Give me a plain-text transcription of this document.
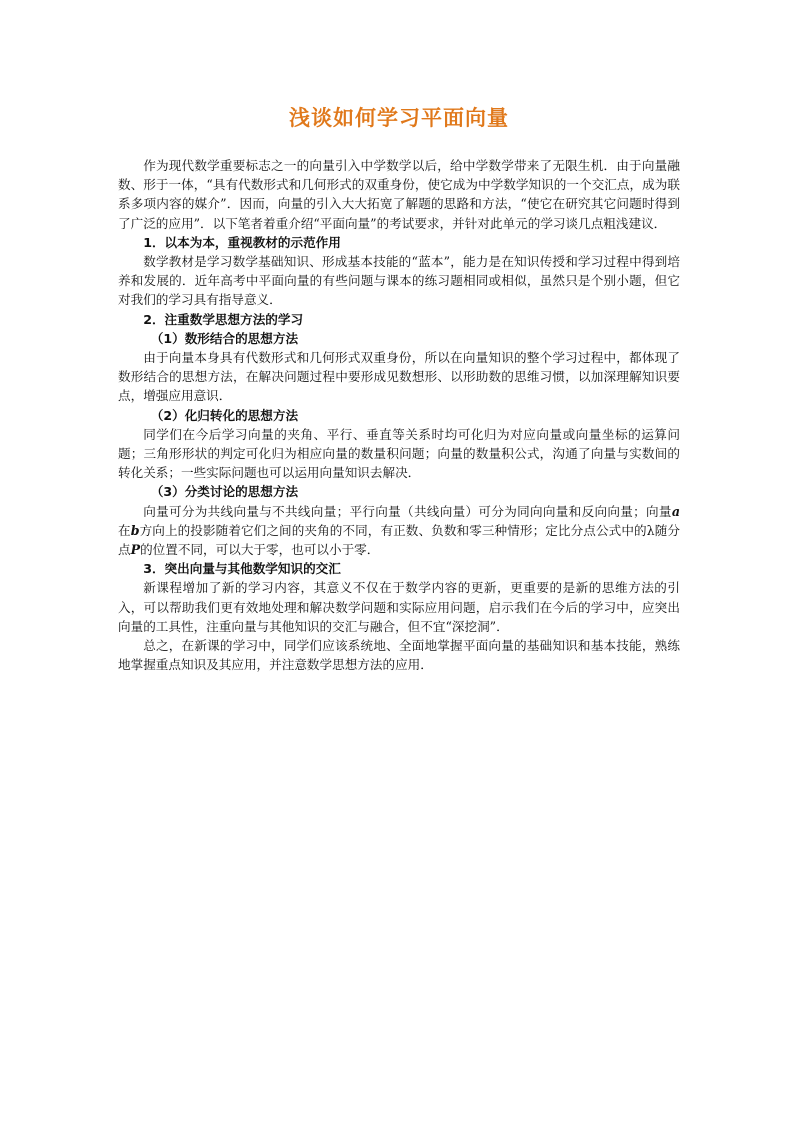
浅谈如何学习平面向量

作为现代数学重要标志之一的向量引入中学数学以后，给中学数学带来了无限生机．由于向量融数、形于一体，“具有代数形式和几何形式的双重身份，使它成为中学数学知识的一个交汇点，成为联系多项内容的媒介”．因而，向量的引入大大拓宽了解题的思路和方法，“使它在研究其它问题时得到了广泛的应用”．以下笔者着重介绍“平面向量”的考试要求，并针对此单元的学习谈几点粗浅建议．

1．以本为本，重视教材的示范作用

数学教材是学习数学基础知识、形成基本技能的“蓝本”，能力是在知识传授和学习过程中得到培养和发展的．近年高考中平面向量的有些问题与课本的练习题相同或相似，虽然只是个别小题，但它对我们的学习具有指导意义．

2．注重数学思想方法的学习

（1）数形结合的思想方法

由于向量本身具有代数形式和几何形式双重身份，所以在向量知识的整个学习过程中，都体现了数形结合的思想方法，在解决问题过程中要形成见数想形、以形助数的思维习惯，以加深理解知识要点，增强应用意识．

（2）化归转化的思想方法

同学们在今后学习向量的夹角、平行、垂直等关系时均可化归为对应向量或向量坐标的运算问题；三角形形状的判定可化归为相应向量的数量积问题；向量的数量积公式，沟通了向量与实数间的转化关系；一些实际问题也可以运用向量知识去解决．

（3）分类讨论的思想方法

向量可分为共线向量与不共线向量；平行向量（共线向量）可分为同向向量和反向向量；向量a在b方向上的投影随着它们之间的夹角的不同，有正数、负数和零三种情形；定比分点公式中的λ随分点P的位置不同，可以大于零，也可以小于零．

3．突出向量与其他数学知识的交汇

新课程增加了新的学习内容，其意义不仅在于数学内容的更新，更重要的是新的思维方法的引入，可以帮助我们更有效地处理和解决数学问题和实际应用问题，启示我们在今后的学习中，应突出向量的工具性，注重向量与其他知识的交汇与融合，但不宜“深挖洞”．

总之，在新课的学习中，同学们应该系统地、全面地掌握平面向量的基础知识和基本技能，熟练地掌握重点知识及其应用，并注意数学思想方法的应用．
